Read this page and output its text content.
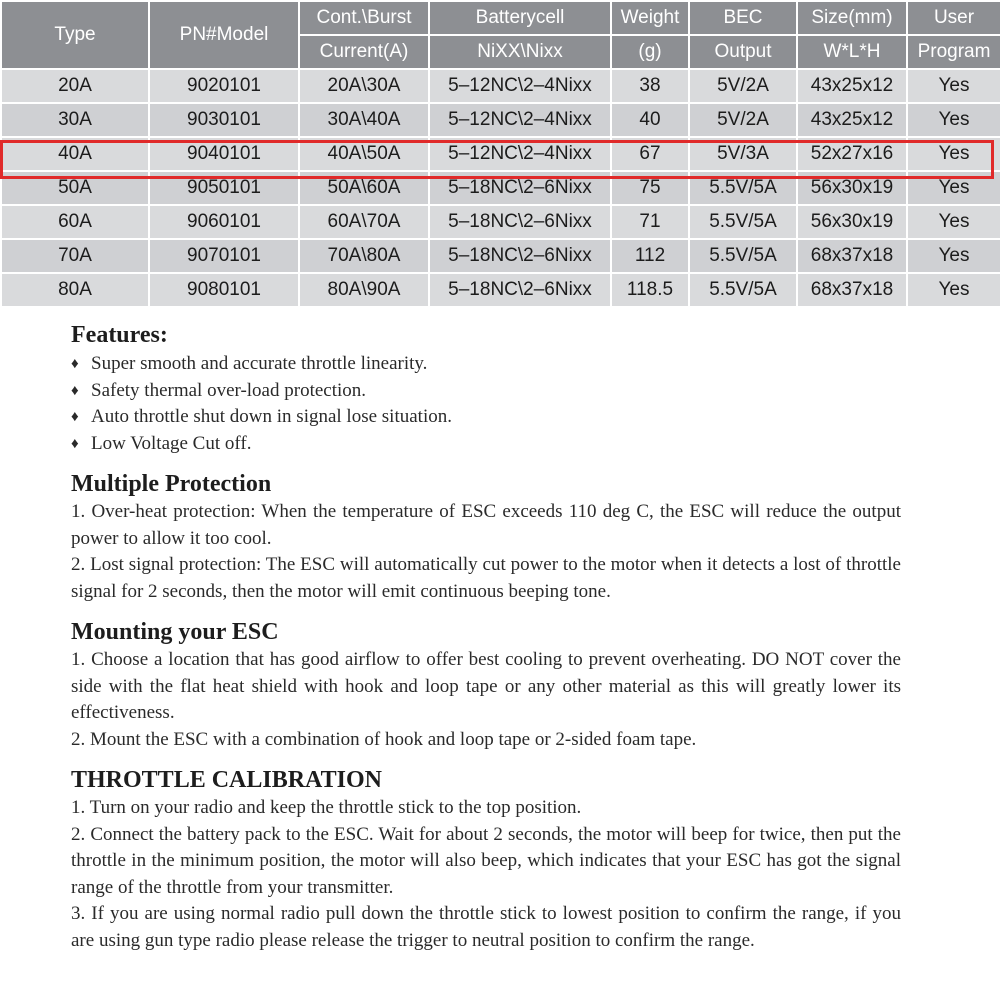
Type	PN#Model	Cont.\Burst	Batterycell	Weight	BEC	Size(mm)	User
		Current(A)	NiXX\Nixx	(g)	Output	W*L*H	Program
20A	9020101	20A\30A	5–12NC\2–4Nixx	38	5V/2A	43x25x12	Yes
30A	9030101	30A\40A	5–12NC\2–4Nixx	40	5V/2A	43x25x12	Yes
40A	9040101	40A\50A	5–12NC\2–4Nixx	67	5V/3A	52x27x16	Yes
50A	9050101	50A\60A	5–18NC\2–6Nixx	75	5.5V/5A	56x30x19	Yes
60A	9060101	60A\70A	5–18NC\2–6Nixx	71	5.5V/5A	56x30x19	Yes
70A	9070101	70A\80A	5–18NC\2–6Nixx	112	5.5V/5A	68x37x18	Yes
80A	9080101	80A\90A	5–18NC\2–6Nixx	118.5	5.5V/5A	68x37x18	Yes
Features:
♦ Super smooth and accurate throttle linearity.
♦ Safety thermal over-load protection.
♦ Auto throttle shut down in signal lose situation.
♦ Low Voltage Cut off.
Multiple Protection

1. Over-heat protection: When the temperature of ESC exceeds 110 deg C, the ESC will reduce the output power to allow it too cool.

2. Lost signal protection: The ESC will automatically cut power to the motor when it detects a lost of throttle signal for 2 seconds, then the motor will emit continuous beeping tone.

Mounting your ESC

1. Choose a location that has good airflow to offer best cooling to prevent overheating. DO NOT cover the side with the flat heat shield with hook and loop tape or any other material as this will greatly lower its effectiveness.

2. Mount the ESC with a combination of hook and loop tape or 2-sided foam tape.

THROTTLE CALIBRATION

1. Turn on your radio and keep the throttle stick to the top position.

2. Connect the battery pack to the ESC. Wait for about 2 seconds, the motor will beep for twice, then put the throttle in the minimum position, the motor will also beep, which indicates that your ESC has got the signal range of the throttle from your transmitter.

3. If you are using normal radio pull down the throttle stick to lowest position to confirm the range, if you are using gun type radio please release the trigger to neutral position to confirm the range.
